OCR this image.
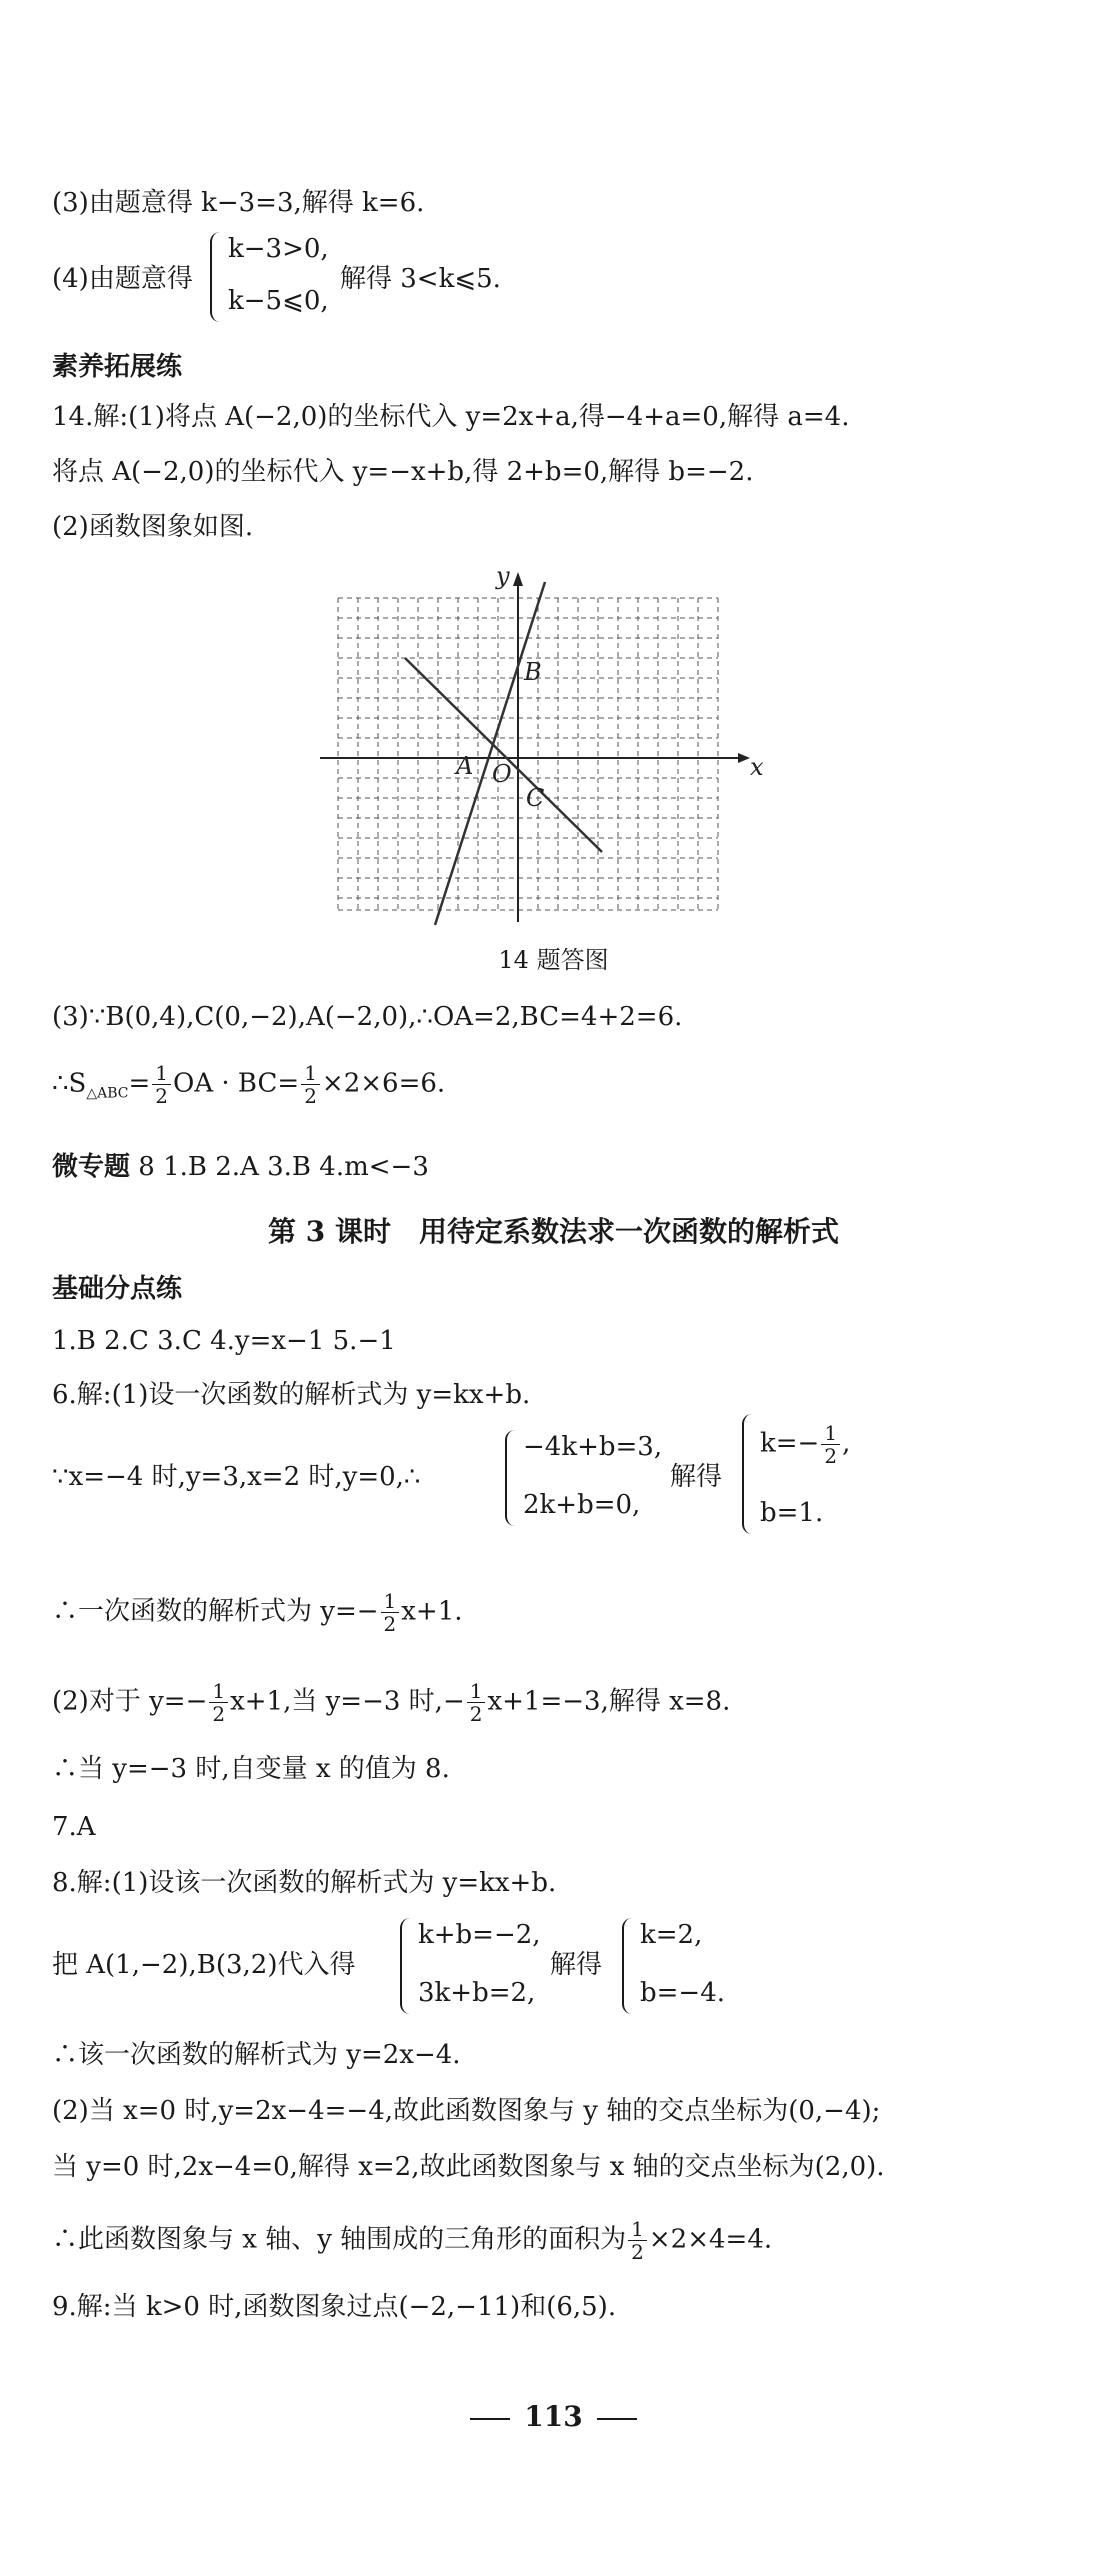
(3)由题意得 k−3=3,解得 k=6.
(4)由题意得
k−3>0,
k−5⩽0,
解得 3<k⩽5.
素养拓展练
14.解:(1)将点 A(−2,0)的坐标代入 y=2x+a,得−4+a=0,解得 a=4.
将点 A(−2,0)的坐标代入 y=−x+b,得 2+b=0,解得 b=−2.
(2)函数图象如图.
x
y
O
A
B
C
14 题答图
(3)∵B(0,4),C(0,−2),A(−2,0),∴OA=2,BC=4+2=6.
$\therefore S_{\triangle ABC}= \frac{1}{2}$ OA · $BC= \frac{1}{2} \times 2\times 6=6$.
微专题 8 1.B 2.A 3.B 4.m<−3
第 3 课时　用待定系数法求一次函数的解析式
基础分点练
1.B 2.C 3.C 4.y=x−1 5.−1
6.解:(1)设一次函数的解析式为 y=kx+b.
∵x=−4 时,y=3,x=2 时,y=0,∴
−4k+b=3,
2k+b=0,
解得
$k=- \frac{1}{2}$ ,
b=1.
∴一次函数的解析式为 $y=- \frac{1}{2} x+1$.
(2)对于 $y=- \frac{1}{2} x+1$,当 y=−3 时,− $\frac{1}{2} x+1=-3$,解得 x=8.
∴当 y=−3 时,自变量 x 的值为 8.
7.A
8.解:(1)设该一次函数的解析式为 y=kx+b.
把 A(1,−2),B(3,2)代入得
k+b=−2,
3k+b=2,
解得
k=2,
b=−4.
∴该一次函数的解析式为 y=2x−4.
(2)当 x=0 时,y=2x−4=−4,故此函数图象与 y 轴的交点坐标为(0,−4);
当 y=0 时,2x−4=0,解得 x=2,故此函数图象与 x 轴的交点坐标为(2,0).
∴此函数图象与 x 轴、y 轴围成的三角形的面积为 $\frac{1}{2} \times 2\times 4=4$.
9.解:当 k>0 时,函数图象过点(−2,−11)和(6,5).
113
